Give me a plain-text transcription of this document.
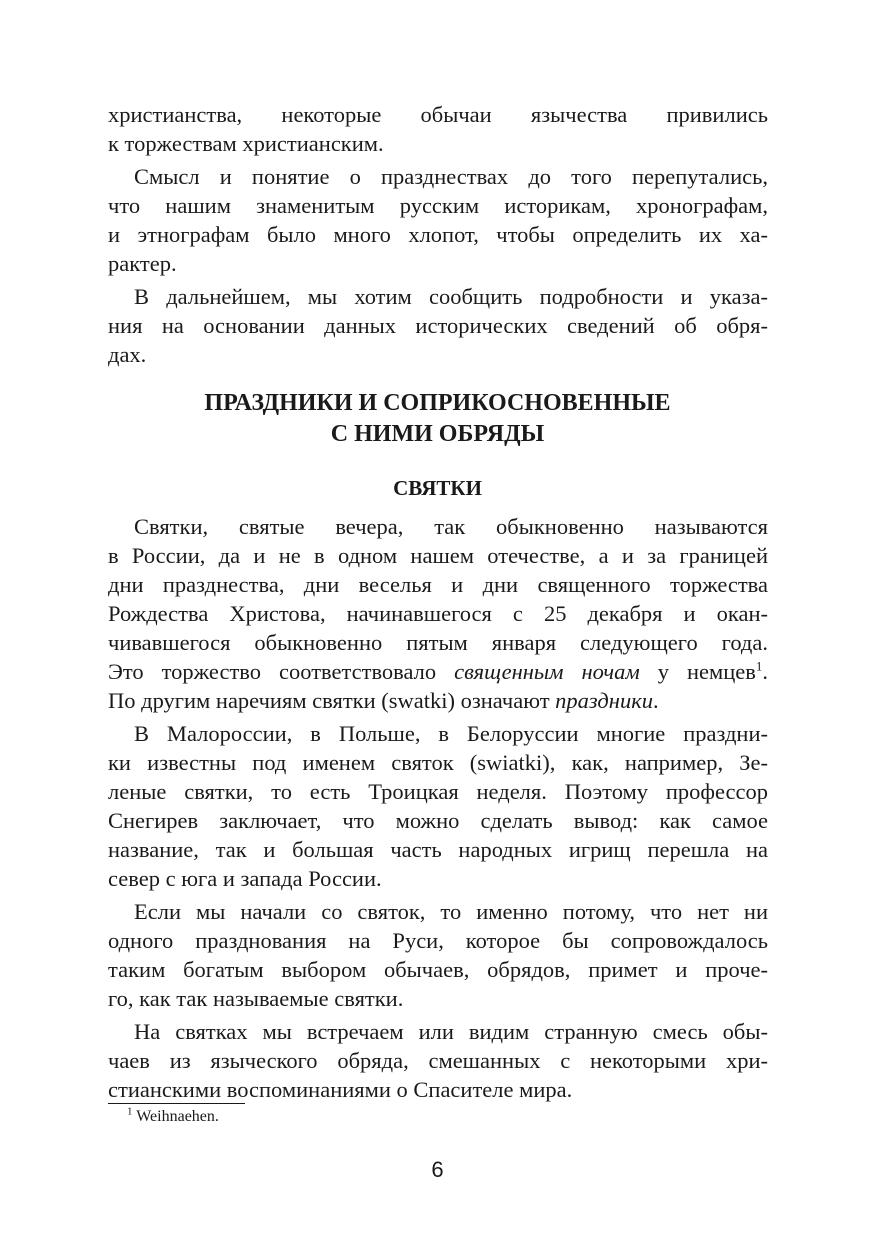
христианства, некоторые обычаи язычества привились
к торжествам христианским.
Смысл и понятие о празднествах до того перепутались,
что нашим знаменитым русским историкам, хронографам,
и этнографам было много хлопот, чтобы определить их ха-
рактер.
В дальнейшем, мы хотим сообщить подробности и указа-
ния на основании данных исторических сведений об обря-
дах.
ПРАЗДНИКИ И СОПРИКОСНОВЕННЫЕ
С НИМИ ОБРЯДЫ
СВЯТКИ
Святки, святые вечера, так обыкновенно называются
в России, да и не в одном нашем отечестве, а и за границей
дни празднества, дни веселья и дни священного торжества
Рождества Христова, начинавшегося с 25 декабря и окан-
чивавшегося обыкновенно пятым января следующего года.
Это торжество соответствовало священным ночам у немцев$^1$.
По другим наречиям святки (swatki) означают праздники.
В Малороссии, в Польше, в Белоруссии многие праздни-
ки известны под именем святок (swiatki), как, например, Зе-
леные святки, то есть Троицкая неделя. Поэтому профессор
Снегирев заключает, что можно сделать вывод: как самое
название, так и большая часть народных игрищ перешла на
север с юга и запада России.
Если мы начали со святок, то именно потому, что нет ни
одного празднования на Руси, которое бы сопровождалось
таким богатым выбором обычаев, обрядов, примет и проче-
го, как так называемые святки.
На святках мы встречаем или видим странную смесь обы-
чаев из языческого обряда, смешанных с некоторыми хри-
стианскими воспоминаниями о Спасителе мира.
$^1$ Weihnaehen.
6
